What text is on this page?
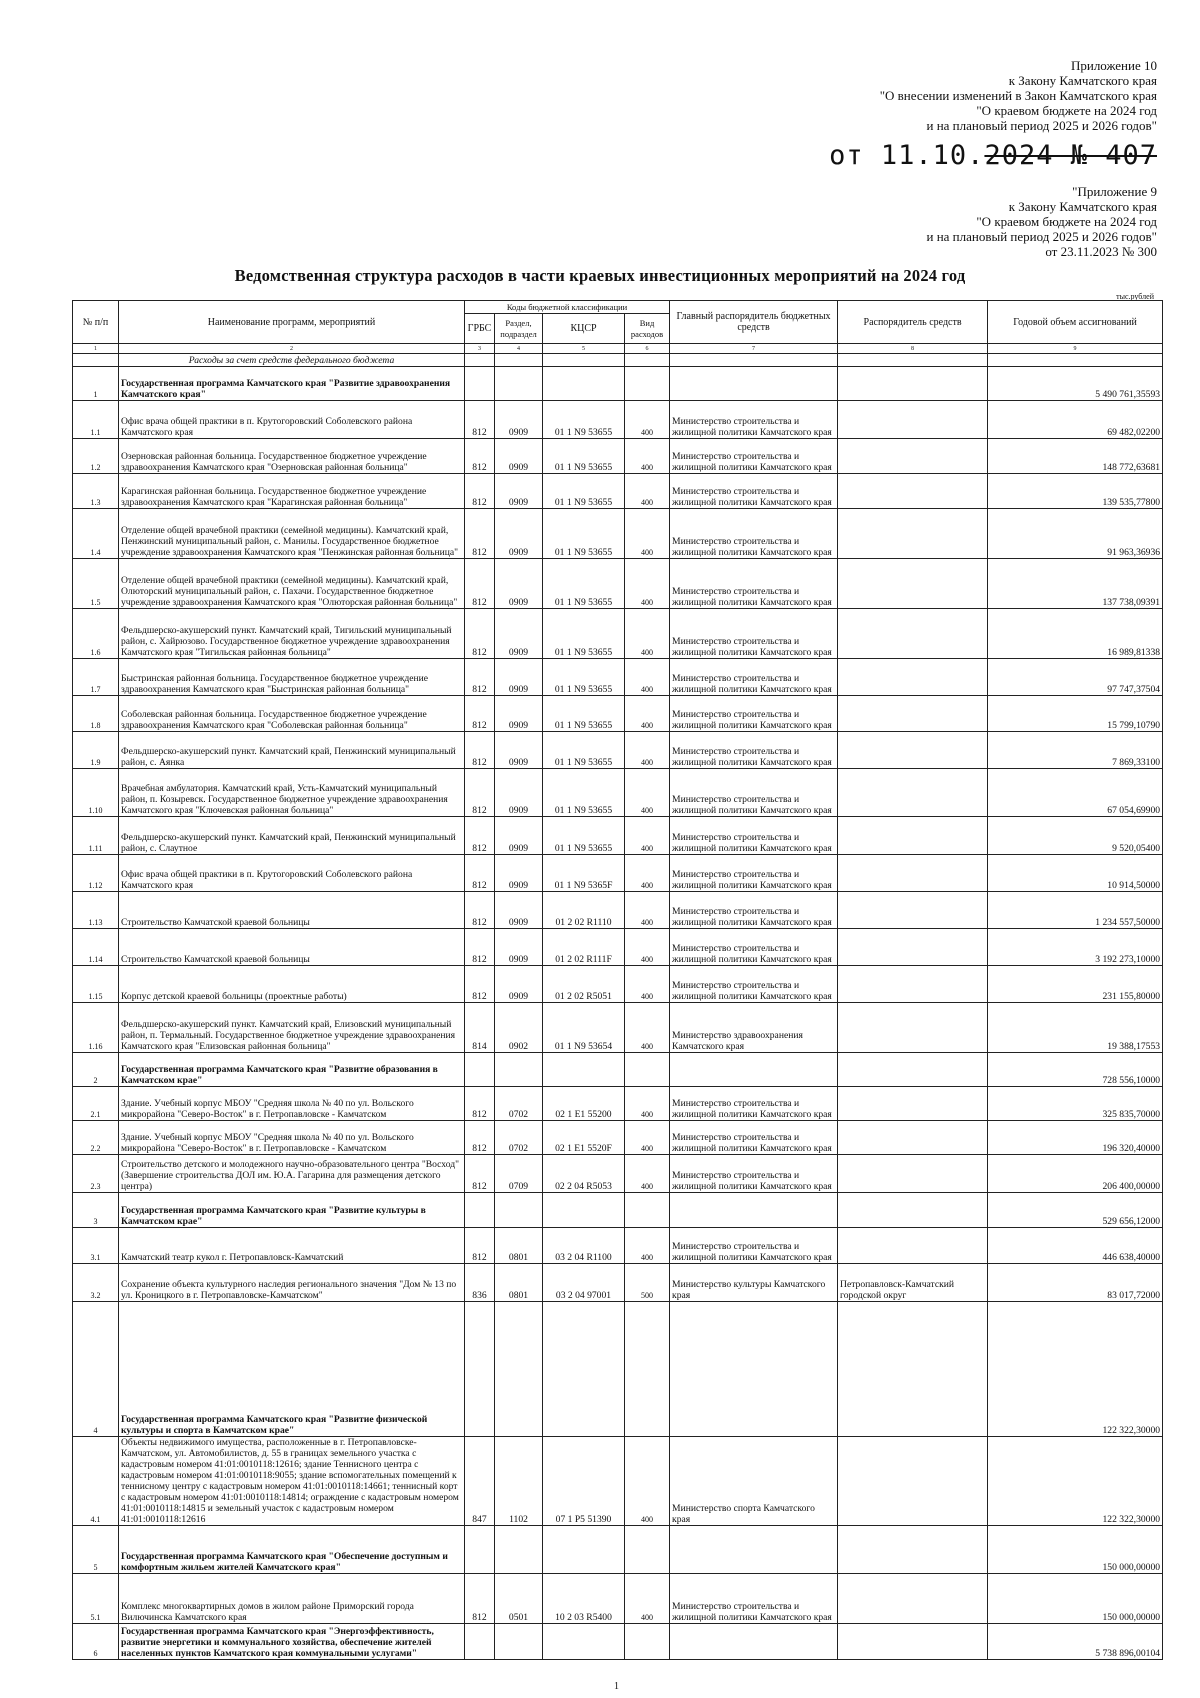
Приложение 10
к Закону Камчатского края
"О внесении изменений в Закон Камчатского края
"О краевом бюджете на 2024 год
и на плановый период 2025 и 2026 годов"
от 11.10.2024 № 407
"Приложение 9
к Закону Камчатского края
"О краевом бюджете на 2024 год
и на плановый период 2025 и 2026 годов"
от 23.11.2023 № 300
Ведомственная структура расходов в части краевых инвестиционных мероприятий на 2024 год
тыс.рублей
№ п/п	Наименование программ, мероприятий	Коды бюджетной классификации				Главный распорядитель бюджетных средств	Распорядитель средств	Годовой объем ассигнований
		ГРБС	Раздел, подраздел	КЦСР	Вид расходов			
1	2	3	4	5	6	7	8	9
	Расходы за счет средств федерального бюджета							
1	Государственная программа Камчатского края "Развитие здравоохранения Камчатского края"							5 490 761,35593
1.1	Офис врача общей практики в п. Крутогоровский Соболевского района Камчатского края	812	0909	01 1 N9 53655	400	Министерство строительства и жилищной политики Камчатского края		69 482,02200
1.2	Озерновская районная больница. Государственное бюджетное учреждение здравоохранения Камчатского края "Озерновская районная больница"	812	0909	01 1 N9 53655	400	Министерство строительства и жилищной политики Камчатского края		148 772,63681
1.3	Карагинская районная больница. Государственное бюджетное учреждение здравоохранения Камчатского края "Карагинская районная больница"	812	0909	01 1 N9 53655	400	Министерство строительства и жилищной политики Камчатского края		139 535,77800
1.4	Отделение общей врачебной практики (семейной медицины). Камчатский край, Пенжинский муниципальный район, с. Манилы. Государственное бюджетное учреждение здравоохранения Камчатского края "Пенжинская районная больница"	812	0909	01 1 N9 53655	400	Министерство строительства и жилищной политики Камчатского края		91 963,36936
1.5	Отделение общей врачебной практики (семейной медицины). Камчатский край, Олюторский муниципальный район, с. Пахачи. Государственное бюджетное учреждение здравоохранения Камчатского края "Олюторская районная больница"	812	0909	01 1 N9 53655	400	Министерство строительства и жилищной политики Камчатского края		137 738,09391
1.6	Фельдшерско-акушерский пункт. Камчатский край, Тигильский муниципальный район, с. Хайрюзово. Государственное бюджетное учреждение здравоохранения Камчатского края "Тигильская районная больница"	812	0909	01 1 N9 53655	400	Министерство строительства и жилищной политики Камчатского края		16 989,81338
1.7	Быстринская районная больница. Государственное бюджетное учреждение здравоохранения Камчатского края "Быстринская районная больница"	812	0909	01 1 N9 53655	400	Министерство строительства и жилищной политики Камчатского края		97 747,37504
1.8	Соболевская районная больница. Государственное бюджетное учреждение здравоохранения Камчатского края "Соболевская районная больница"	812	0909	01 1 N9 53655	400	Министерство строительства и жилищной политики Камчатского края		15 799,10790
1.9	Фельдшерско-акушерский пункт. Камчатский край, Пенжинский муниципальный район, с. Аянка	812	0909	01 1 N9 53655	400	Министерство строительства и жилищной политики Камчатского края		7 869,33100
1.10	Врачебная амбулатория. Камчатский край, Усть-Камчатский муниципальный район, п. Козыревск. Государственное бюджетное учреждение здравоохранения Камчатского края "Ключевская районная больница"	812	0909	01 1 N9 53655	400	Министерство строительства и жилищной политики Камчатского края		67 054,69900
1.11	Фельдшерско-акушерский пункт. Камчатский край, Пенжинский муниципальный район, с. Слаутное	812	0909	01 1 N9 53655	400	Министерство строительства и жилищной политики Камчатского края		9 520,05400
1.12	Офис врача общей практики в п. Крутогоровский Соболевского района Камчатского края	812	0909	01 1 N9 5365F	400	Министерство строительства и жилищной политики Камчатского края		10 914,50000
1.13	Строительство Камчатской краевой больницы	812	0909	01 2 02 R1110	400	Министерство строительства и жилищной политики Камчатского края		1 234 557,50000
1.14	Строительство Камчатской краевой больницы	812	0909	01 2 02 R111F	400	Министерство строительства и жилищной политики Камчатского края		3 192 273,10000
1.15	Корпус детской краевой больницы (проектные работы)	812	0909	01 2 02 R5051	400	Министерство строительства и жилищной политики Камчатского края		231 155,80000
1.16	Фельдшерско-акушерский пункт. Камчатский край, Елизовский муниципальный район, п. Термальный. Государственное бюджетное учреждение здравоохранения Камчатского края "Елизовская районная больница"	814	0902	01 1 N9 53654	400	Министерство здравоохранения Камчатского края		19 388,17553
2	Государственная программа Камчатского края "Развитие образования в Камчатском крае"							728 556,10000
2.1	Здание. Учебный корпус МБОУ "Средняя школа № 40 по ул. Вольского микрорайона "Северо-Восток" в г. Петропавловске - Камчатском	812	0702	02 1 E1 55200	400	Министерство строительства и жилищной политики Камчатского края		325 835,70000
2.2	Здание. Учебный корпус МБОУ "Средняя школа № 40 по ул. Вольского микрорайона "Северо-Восток" в г. Петропавловске - Камчатском	812	0702	02 1 E1 5520F	400	Министерство строительства и жилищной политики Камчатского края		196 320,40000
2.3	Строительство детского и молодежного научно-образовательного центра "Восход" (Завершение строительства ДОЛ им. Ю.А. Гагарина для размещения детского центра)	812	0709	02 2 04 R5053	400	Министерство строительства и жилищной политики Камчатского края		206 400,00000
3	Государственная программа Камчатского края "Развитие культуры в Камчатском крае"							529 656,12000
3.1	Камчатский театр кукол г. Петропавловск-Камчатский	812	0801	03 2 04 R1100	400	Министерство строительства и жилищной политики Камчатского края		446 638,40000
3.2	Сохранение объекта культурного наследия регионального значения "Дом № 13 по ул. Кроницкого в г. Петропавловске-Камчатском"	836	0801	03 2 04 97001	500	Министерство культуры Камчатского края	Петропавловск-Камчатский городской округ	83 017,72000
4	Государственная программа Камчатского края "Развитие физической культуры и спорта в Камчатском крае"							122 322,30000
4.1	Объекты недвижимого имущества, расположенные в г. Петропавловске-Камчатском, ул. Автомобилистов, д. 55 в границах земельного участка с кадастровым номером 41:01:0010118:12616; здание Теннисного центра с кадастровым номером 41:01:0010118:9055; здание вспомогательных помещений к теннисному центру с кадастровым номером 41:01:0010118:14661; теннисный корт с кадастровым номером 41:01:0010118:14814; ограждение с кадастровым номером 41:01:0010118:14815 и земельный участок с кадастровым номером 41:01:0010118:12616	847	1102	07 1 P5 51390	400	Министерство спорта Камчатского края		122 322,30000
5	Государственная программа Камчатского края "Обеспечение доступным и комфортным жильем жителей Камчатского края"							150 000,00000
5.1	Комплекс многоквартирных домов в жилом районе Приморский города Вилючинска Камчатского края	812	0501	10 2 03 R5400	400	Министерство строительства и жилищной политики Камчатского края		150 000,00000
6	Государственная программа Камчатского края "Энергоэффективность, развитие энергетики и коммунального хозяйства, обеспечение жителей населенных пунктов Камчатского края коммунальными услугами"							5 738 896,00104
1
